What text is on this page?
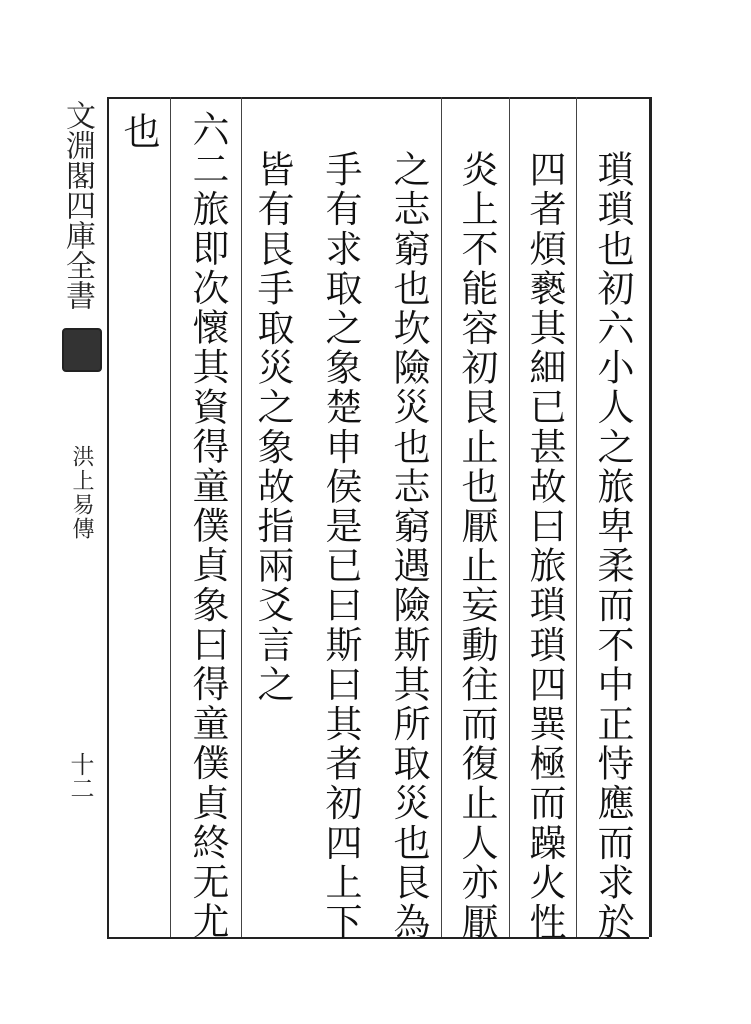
文淵閣四庫全書
洪上易傳
十二	瑣瑣也初六小人之旅卑柔而不中正恃應而求於
四者煩褻其細已甚故曰旅瑣瑣四巽極而躁火性
炎上不能容初艮止也厭止妄動往而復止人亦厭
之志窮也坎險災也志窮遇險斯其所取災也艮為
手有求取之象楚申侯是已曰斯曰其者初四上下
皆有艮手取災之象故指兩爻言之
六二旅即次懷其資得童僕貞象曰得童僕貞終无尤
也
